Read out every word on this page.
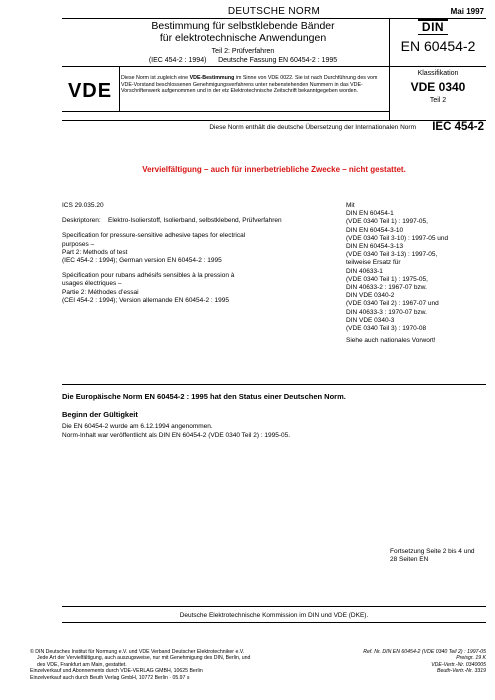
DEUTSCHE NORM	Mai 1997
Bestimmung für selbstklebende Bänder
für elektrotechnische Anwendungen
Teil 2: Prüfverfahren
(IEC 454-2 : 1994)      Deutsche Fassung EN 60454-2 : 1995
DIN
EN 60454-2
VDE
Diese Norm ist zugleich eine VDE-Bestimmung im Sinne von VDE 0022. Sie ist nach Durchführung des vom VDE-Vorstand beschlossenen Genehmigungsverfahrens unter nebenstehenden Nummern in das VDE-Vorschriftenwerk aufgenommen und in der etz Elektrotechnische Zeitschrift bekanntgegeben worden.
Klassifikation
VDE 0340
Teil 2
Diese Norm enthält die deutsche Übersetzung der Internationalen Norm IEC 454-2
Vervielfältigung – auch für innerbetriebliche Zwecke – nicht gestattet.
ICS 29.035.20
Deskriptoren:	Elektro-Isolierstoff, Isolierband, selbstklebend, Prüfverfahren
Specification for pressure-sensitive adhesive tapes for electrical
purposes –
Part 2: Methods of test
(IEC 454-2 : 1994); German version EN 60454-2 : 1995
Spécification pour rubans adhésifs sensibles à la pression à
usages électriques –
Partie 2: Méthodes d’essai
(CEI 454-2 : 1994); Version allemande EN 60454-2 : 1995
Mit
DIN EN 60454-1
(VDE 0340 Teil 1) : 1997-05,
DIN EN 60454-3-10
(VDE 0340 Teil 3-10) : 1997-05 und
DIN EN 60454-3-13
(VDE 0340 Teil 3-13) : 1997-05,
teilweise Ersatz für
DIN 40633-1
(VDE 0340 Teil 1) : 1975-05,
DIN 40633-2 : 1967-07 bzw.
DIN VDE 0340-2
(VDE 0340 Teil 2) : 1967-07 und
DIN 40633-3 : 1970-07 bzw.
DIN VDE 0340-3
(VDE 0340 Teil 3) : 1970-08
Siehe auch nationales Vorwort!
Die Europäische Norm EN 60454-2 : 1995 hat den Status einer Deutschen Norm.
Beginn der Gültigkeit
Die EN 60454-2 wurde am 6.12.1994 angenommen.
Norm-Inhalt war veröffentlicht als DIN EN 60454-2 (VDE 0340 Teil 2) : 1995-05.
Fortsetzung Seite 2 bis 4 und
28 Seiten EN
Deutsche Elektrotechnische Kommission im DIN und VDE (DKE).
© DIN Deutsches Institut für Normung e.V. und VDE Verband Deutscher Elektrotechniker e.V.
Jede Art der Vervielfältigung, auch auszugsweise, nur mit Genehmigung des DIN, Berlin, und
des VDE, Frankfurt am Main, gestattet.
Einzelverkauf und Abonnements durch VDE-VERLAG GMBH, 10625 Berlin
Einzelverkauf auch durch Beuth Verlag GmbH, 10772 Berlin · 05.97 s
Ref. Nr. DIN EN 60454-2 (VDE 0340 Teil 2) : 1997-05
Preisgr. 19 K
VDE-Vertr.-Nr. 0340005
Beuth-Vertr.-Nr. 3319
